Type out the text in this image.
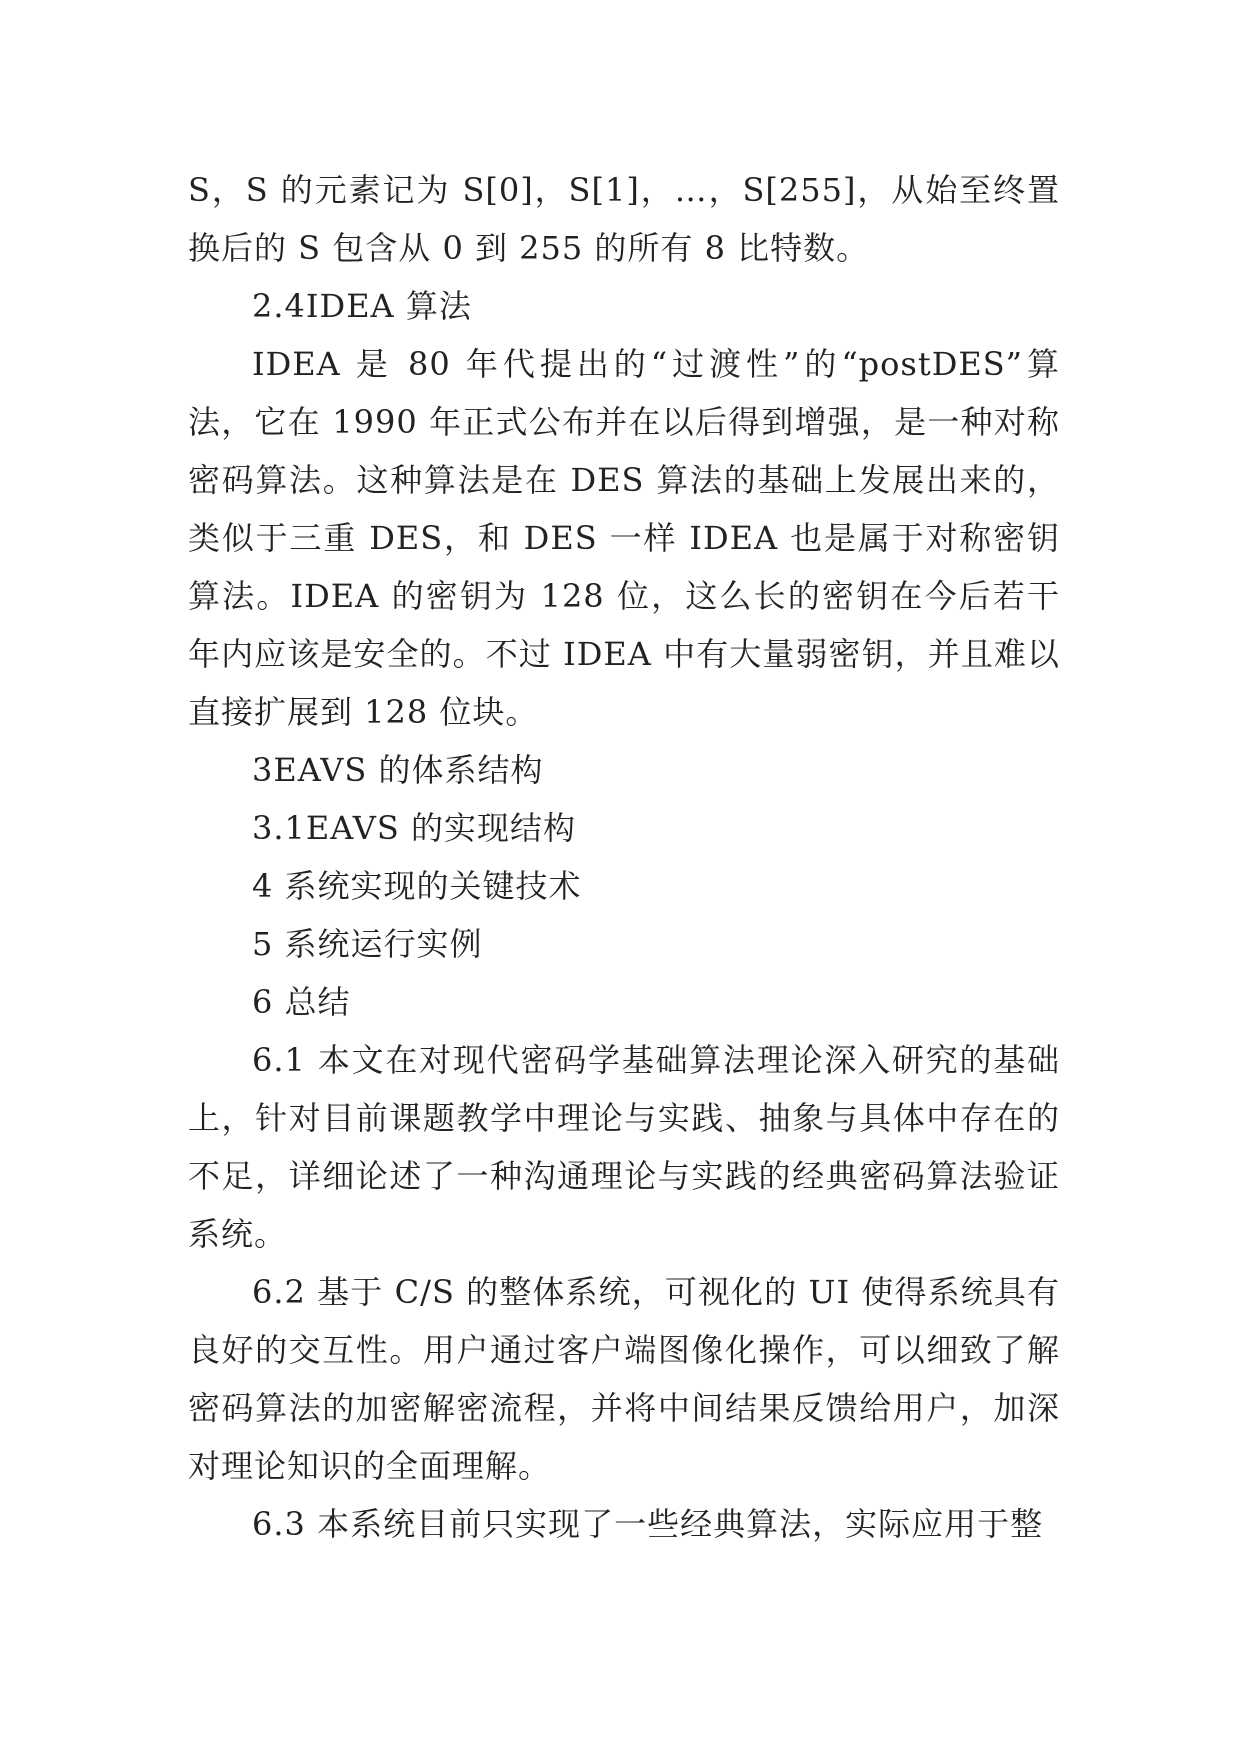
S，S 的元素记为 S[0]，S[1]，…，S[255]，从始至终置换后的 S 包含从 0 到 255 的所有 8 比特数。

2.4IDEA 算法

IDEA 是 80 年代提出的“过渡性”的“postDES”算法，它在 1990 年正式公布并在以后得到增强，是一种对称密码算法。这种算法是在 DES 算法的基础上发展出来的，类似于三重 DES，和 DES 一样 IDEA 也是属于对称密钥算法。IDEA 的密钥为 128 位，这么长的密钥在今后若干年内应该是安全的。不过 IDEA 中有大量弱密钥，并且难以直接扩展到 128 位块。

3EAVS 的体系结构

3.1EAVS 的实现结构

4 系统实现的关键技术

5 系统运行实例

6 总结

6.1 本文在对现代密码学基础算法理论深入研究的基础上，针对目前课题教学中理论与实践、抽象与具体中存在的不足，详细论述了一种沟通理论与实践的经典密码算法验证系统。

6.2 基于 C/S 的整体系统，可视化的 UI 使得系统具有良好的交互性。用户通过客户端图像化操作，可以细致了解密码算法的加密解密流程，并将中间结果反馈给用户，加深对理论知识的全面理解。

6.3 本系统目前只实现了一些经典算法，实际应用于整
